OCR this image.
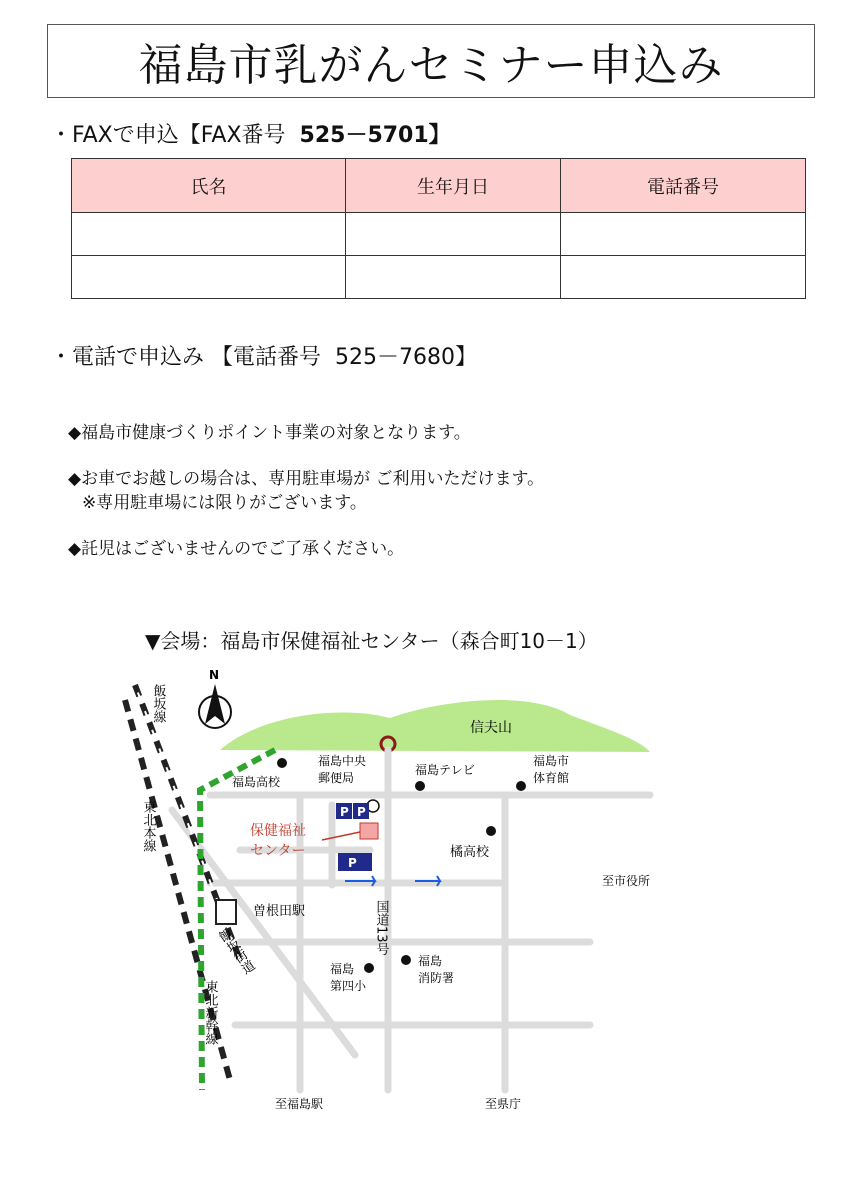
福島市乳がんセミナー申込み
・FAXで申込【FAX番号 525－5701】
氏名	生年月日	電話番号

・電話で申込み 【電話番号 525－7680】
◆福島市健康づくりポイント事業の対象となります。
◆お車でお越しの場合は、専用駐車場が ご利用いただけます。
※専用駐車場には限りがございます。
◆託児はございませんのでご了承ください。
▼会場：福島市保健福祉センター（森合町10－1）
信夫山
N
飯坂線
東北本線
東北新幹線
飯坂街道
曽根田駅
福島高校
福島中央
郵便局
福島テレビ
福島市
体育館
P P
保健福祉
センター
P
橘高校
至市役所
国道13号
福島
第四小
福島
消防署
至福島駅	至県庁
